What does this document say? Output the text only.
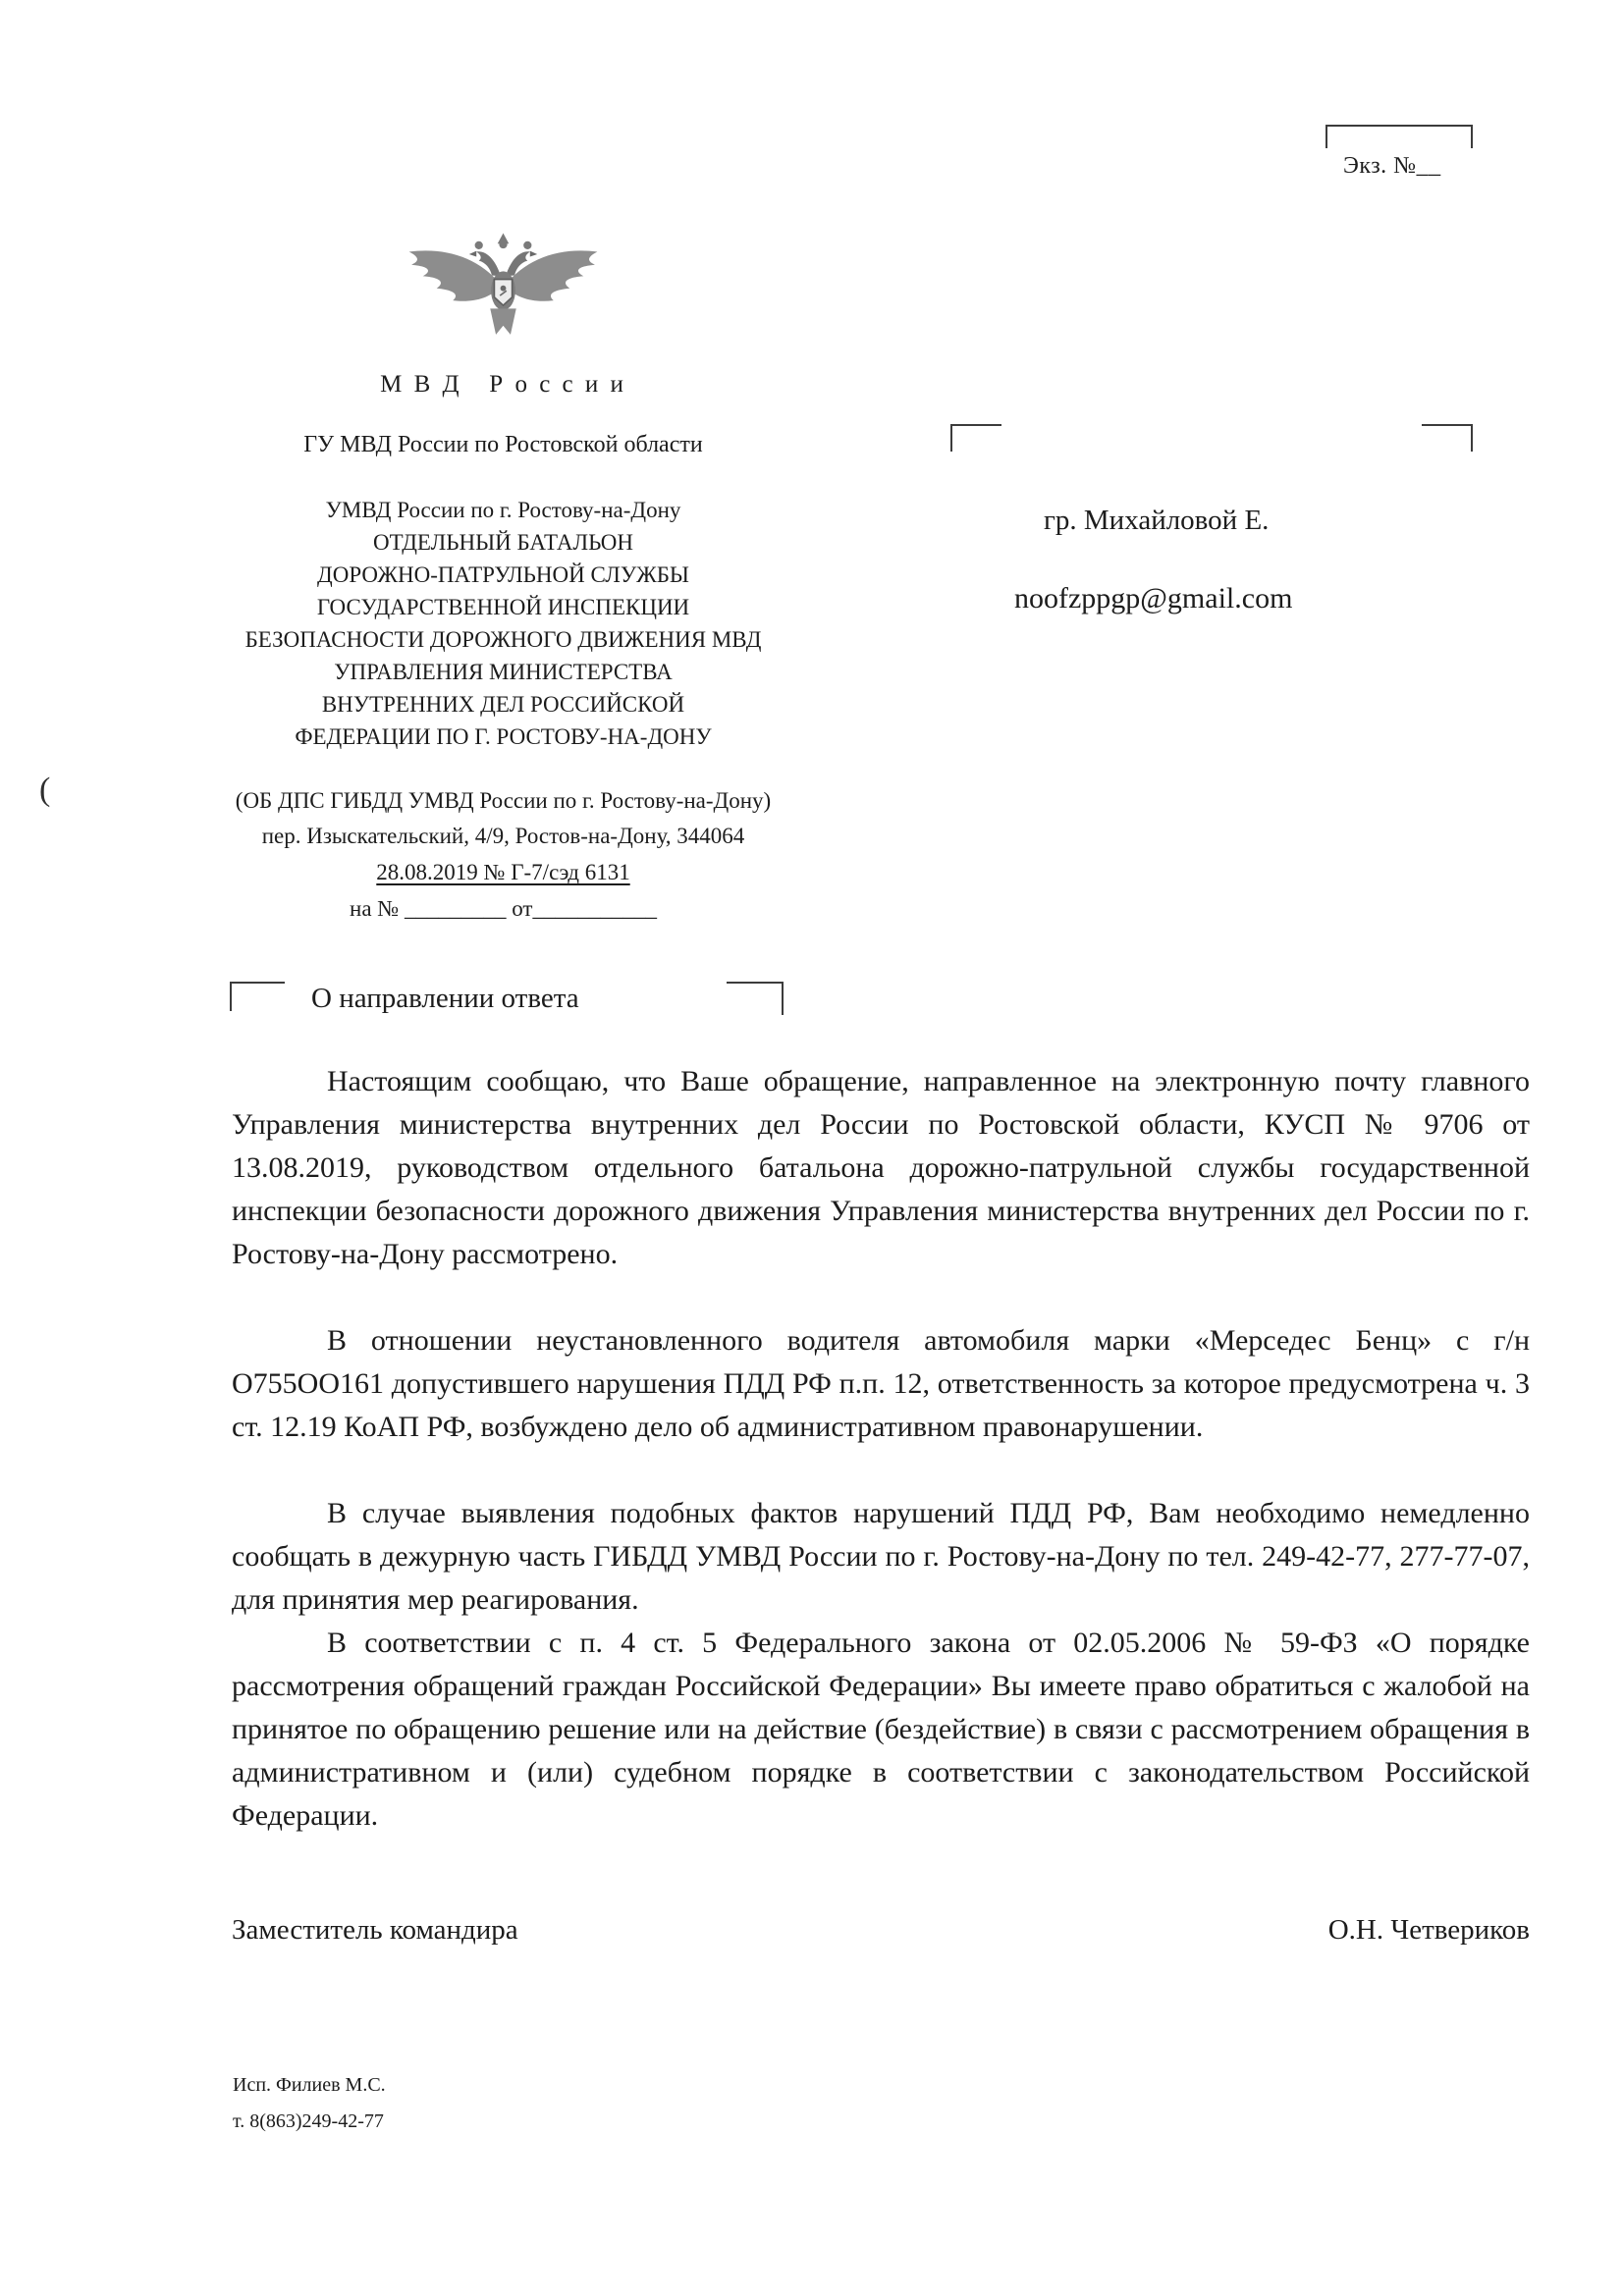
Экз. №__
М В Д   Р о с с и и
ГУ МВД России по Ростовской области
УМВД России по г. Ростову-на-Дону
ОТДЕЛЬНЫЙ БАТАЛЬОН
ДОРОЖНО-ПАТРУЛЬНОЙ СЛУЖБЫ
ГОСУДАРСТВЕННОЙ ИНСПЕКЦИИ
БЕЗОПАСНОСТИ ДОРОЖНОГО ДВИЖЕНИЯ МВД
УПРАВЛЕНИЯ МИНИСТЕРСТВА
ВНУТРЕННИХ ДЕЛ РОССИЙСКОЙ
ФЕДЕРАЦИИ ПО Г. РОСТОВУ-НА-ДОНУ
(ОБ ДПС ГИБДД УМВД России по г. Ростову-на-Дону)
пер. Изыскательский, 4/9, Ростов-на-Дону, 344064
28.08.2019 № Г-7/сэд 6131
на № _________ от___________
(
гр. Михайловой Е.
noofzppgp@gmail.com
О направлении ответа

Настоящим сообщаю, что Ваше обращение, направленное на электронную почту главного Управления министерства внутренних дел России по Ростовской области, КУСП № 9706 от 13.08.2019, руководством отдельного батальона дорожно-патрульной службы государственной инспекции безопасности дорожного движения Управления министерства внутренних дел России по г. Ростову-на-Дону рассмотрено.

В отношении неустановленного водителя автомобиля марки «Мерседес Бенц» с г/н О755ОО161 допустившего нарушения ПДД РФ п.п. 12, ответственность за которое предусмотрена ч. 3 ст. 12.19 КоАП РФ, возбуждено дело об административном правонарушении.

В случае выявления подобных фактов нарушений ПДД РФ, Вам необходимо немедленно сообщать в дежурную часть ГИБДД УМВД России по г. Ростову-на-Дону по тел. 249-42-77, 277-77-07, для принятия мер реагирования.

В соответствии с п. 4 ст. 5 Федерального закона от 02.05.2006 № 59-ФЗ «О порядке рассмотрения обращений граждан Российской Федерации» Вы имеете право обратиться с жалобой на принятое по обращению решение или на действие (бездействие) в связи с рассмотрением обращения в административном и (или) судебном порядке в соответствии с законодательством Российской Федерации.

Заместитель командира	О.Н. Четвериков
Исп. Филиев М.С.
т. 8(863)249-42-77
